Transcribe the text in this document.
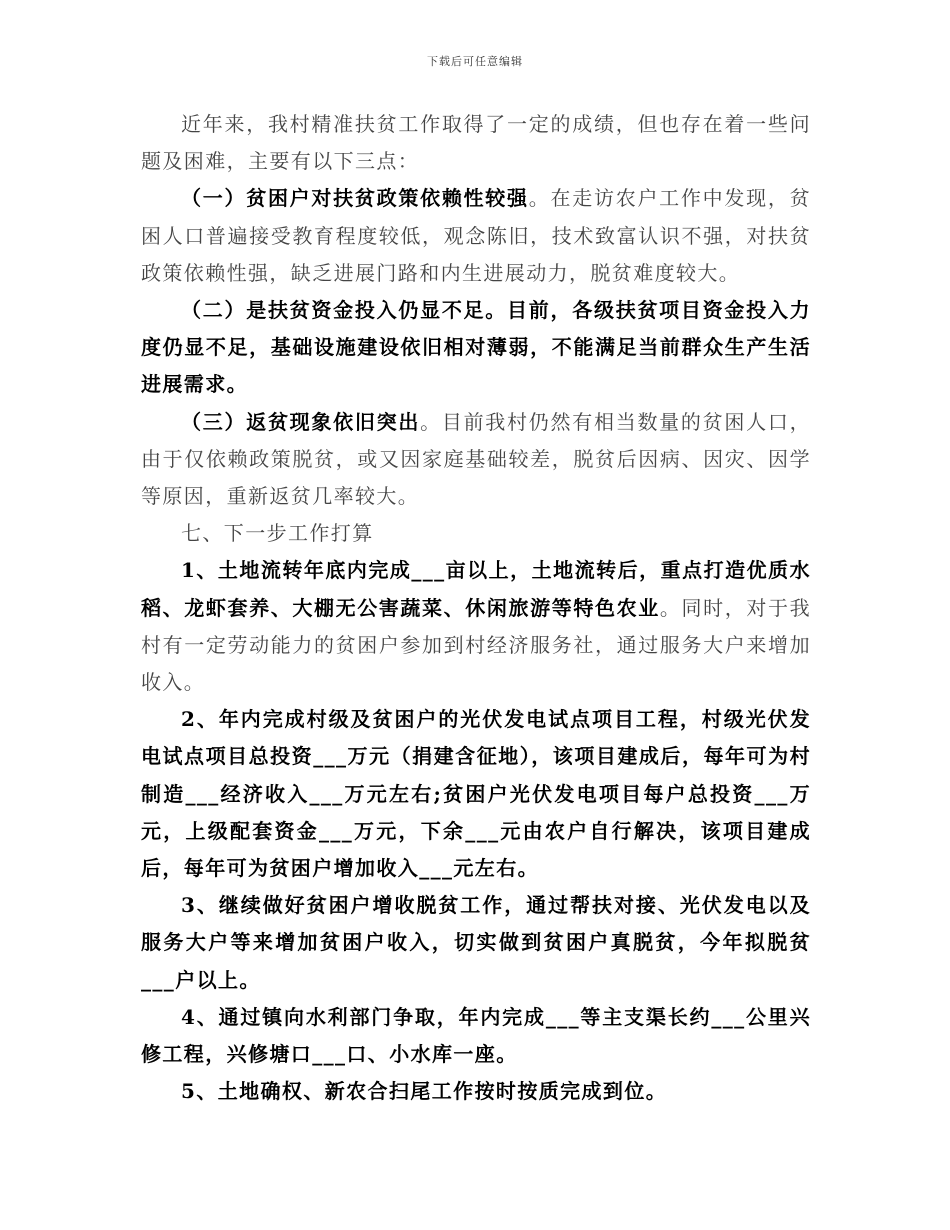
下载后可任意编辑

近年来，我村精准扶贫工作取得了一定的成绩，但也存在着一些问题及困难，主要有以下三点：

（一）贫困户对扶贫政策依赖性较强。在走访农户工作中发现，贫困人口普遍接受教育程度较低，观念陈旧，技术致富认识不强，对扶贫政策依赖性强，缺乏进展门路和内生进展动力，脱贫难度较大。

（二）是扶贫资金投入仍显不足。目前，各级扶贫项目资金投入力度仍显不足，基础设施建设依旧相对薄弱，不能满足当前群众生产生活进展需求。

（三）返贫现象依旧突出。目前我村仍然有相当数量的贫困人口，由于仅依赖政策脱贫，或又因家庭基础较差，脱贫后因病、因灾、因学等原因，重新返贫几率较大。

七、下一步工作打算

1、土地流转年底内完成___亩以上，土地流转后，重点打造优质水稻、龙虾套养、大棚无公害蔬菜、休闲旅游等特色农业。同时，对于我村有一定劳动能力的贫困户参加到村经济服务社，通过服务大户来增加收入。

2、年内完成村级及贫困户的光伏发电试点项目工程，村级光伏发电试点项目总投资___万元（捐建含征地），该项目建成后，每年可为村制造___经济收入___万元左右;贫困户光伏发电项目每户总投资___万元，上级配套资金___万元，下余___元由农户自行解决，该项目建成后，每年可为贫困户增加收入___元左右。

3、继续做好贫困户增收脱贫工作，通过帮扶对接、光伏发电以及服务大户等来增加贫困户收入，切实做到贫困户真脱贫，今年拟脱贫___户以上。

4、通过镇向水利部门争取，年内完成___等主支渠长约___公里兴修工程，兴修塘口___口、小水库一座。

5、土地确权、新农合扫尾工作按时按质完成到位。
